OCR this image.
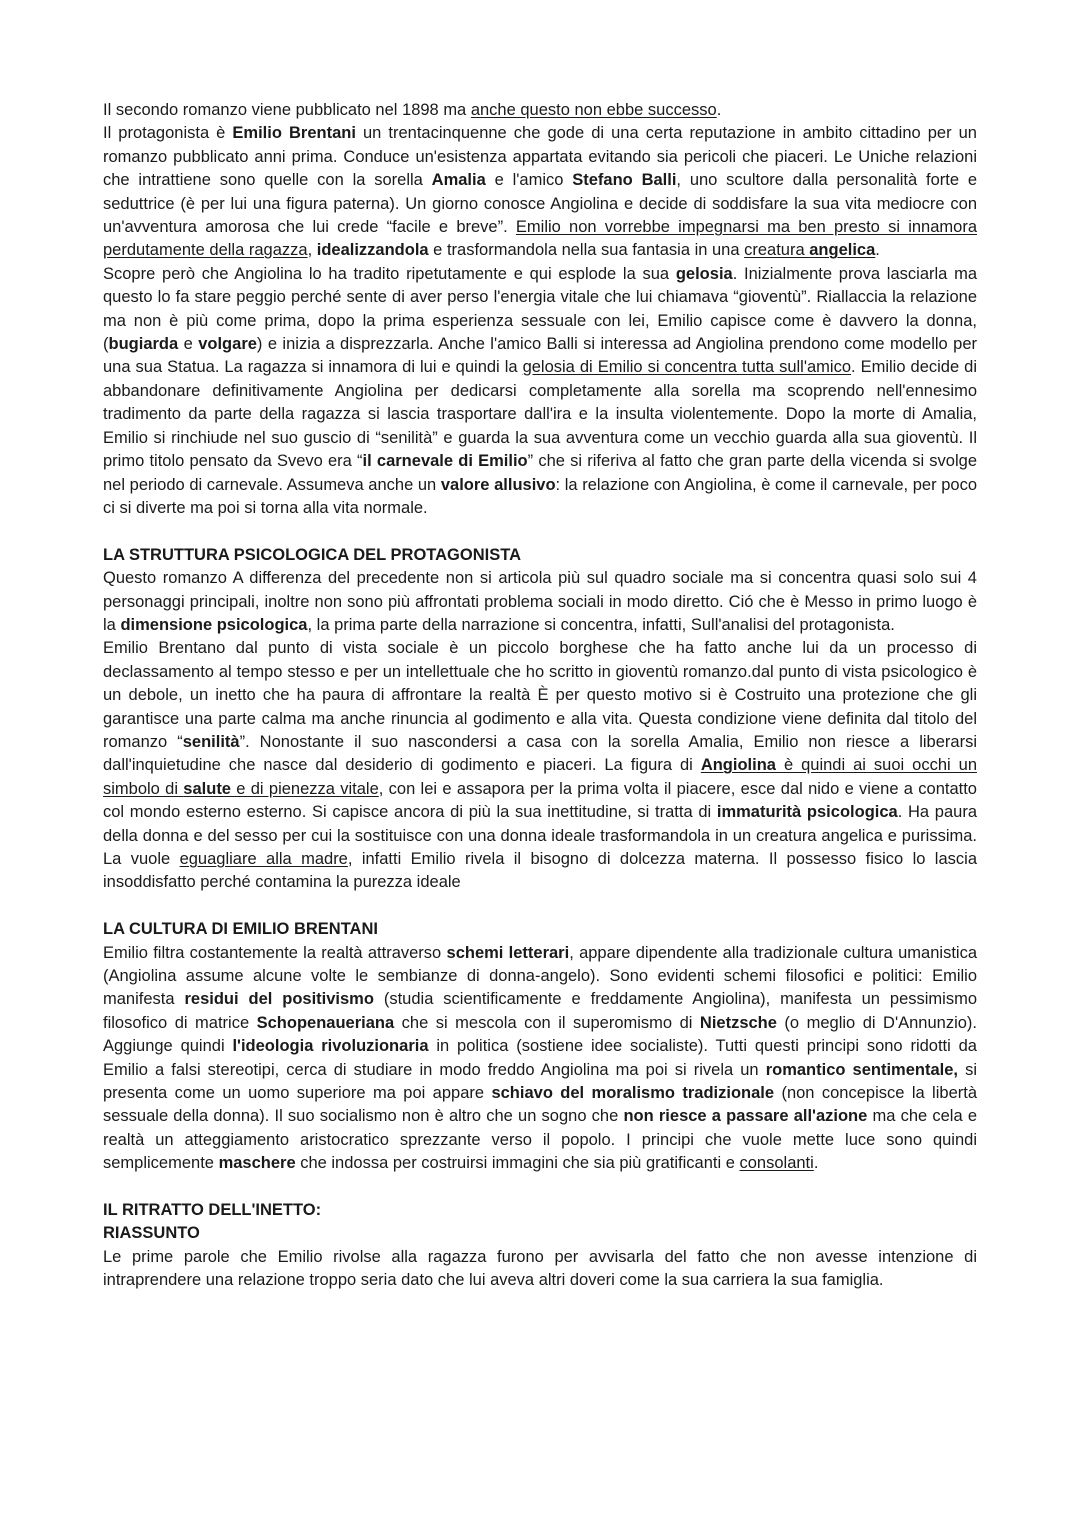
Il secondo romanzo viene pubblicato nel 1898 ma anche questo non ebbe successo.

Il protagonista è Emilio Brentani un trentacinquenne che gode di una certa reputazione in ambito cittadino per un romanzo pubblicato anni prima. Conduce un'esistenza appartata evitando sia pericoli che piaceri. Le Uniche relazioni che intrattiene sono quelle con la sorella Amalia e l'amico Stefano Balli, uno scultore dalla personalità forte e seduttrice (è per lui una figura paterna). Un giorno conosce Angiolina e decide di soddisfare la sua vita mediocre con un'avventura amorosa che lui crede “facile e breve”. Emilio non vorrebbe impegnarsi ma ben presto si innamora perdutamente della ragazza, idealizzandola e trasformandola nella sua fantasia in una creatura angelica.

Scopre però che Angiolina lo ha tradito ripetutamente e qui esplode la sua gelosia. Inizialmente prova lasciarla ma questo lo fa stare peggio perché sente di aver perso l'energia vitale che lui chiamava “gioventù”. Riallaccia la relazione ma non è più come prima, dopo la prima esperienza sessuale con lei, Emilio capisce come è davvero la donna, (bugiarda e volgare) e inizia a disprezzarla. Anche l'amico Balli si interessa ad Angiolina prendono come modello per una sua Statua. La ragazza si innamora di lui e quindi la gelosia di Emilio si concentra tutta sull'amico. Emilio decide di abbandonare definitivamente Angiolina per dedicarsi completamente alla sorella ma scoprendo nell'ennesimo tradimento da parte della ragazza si lascia trasportare dall'ira e la insulta violentemente. Dopo la morte di Amalia, Emilio si rinchiude nel suo guscio di “senilità” e guarda la sua avventura come un vecchio guarda alla sua gioventù. Il primo titolo pensato da Svevo era “il carnevale di Emilio” che si riferiva al fatto che gran parte della vicenda si svolge nel periodo di carnevale. Assumeva anche un valore allusivo: la relazione con Angiolina, è come il carnevale, per poco ci si diverte ma poi si torna alla vita normale.

LA STRUTTURA PSICOLOGICA DEL PROTAGONISTA

Questo romanzo A differenza del precedente non si articola più sul quadro sociale ma si concentra quasi solo sui 4 personaggi principali, inoltre non sono più affrontati problema sociali in modo diretto. Ció che è Messo in primo luogo è la dimensione psicologica, la prima parte della narrazione si concentra, infatti, Sull'analisi del protagonista.

Emilio Brentano dal punto di vista sociale è un piccolo borghese che ha fatto anche lui da un processo di declassamento al tempo stesso e per un intellettuale che ho scritto in gioventù romanzo.dal punto di vista psicologico è un debole, un inetto che ha paura di affrontare la realtà È per questo motivo si è Costruito una protezione che gli garantisce una parte calma ma anche rinuncia al godimento e alla vita. Questa condizione viene definita dal titolo del romanzo “senilità”. Nonostante il suo nascondersi a casa con la sorella Amalia, Emilio non riesce a liberarsi dall'inquietudine che nasce dal desiderio di godimento e piaceri. La figura di Angiolina è quindi ai suoi occhi un simbolo di salute e di pienezza vitale, con lei e assapora per la prima volta il piacere, esce dal nido e viene a contatto col mondo esterno esterno. Si capisce ancora di più la sua inettitudine, si tratta di immaturità psicologica. Ha paura della donna e del sesso per cui la sostituisce con una donna ideale trasformandola in un creatura angelica e purissima. La vuole eguagliare alla madre, infatti Emilio rivela il bisogno di dolcezza materna. Il possesso fisico lo lascia insoddisfatto perché contamina la purezza ideale

LA CULTURA DI EMILIO BRENTANI

Emilio filtra costantemente la realtà attraverso schemi letterari, appare dipendente alla tradizionale cultura umanistica (Angiolina assume alcune volte le sembianze di donna-angelo). Sono evidenti schemi filosofici e politici: Emilio manifesta residui del positivismo (studia scientificamente e freddamente Angiolina), manifesta un pessimismo filosofico di matrice Schopenaueriana che si mescola con il superomismo di Nietzsche (o meglio di D'Annunzio). Aggiunge quindi l'ideologia rivoluzionaria in politica (sostiene idee socialiste). Tutti questi principi sono ridotti da Emilio a falsi stereotipi, cerca di studiare in modo freddo Angiolina ma poi si rivela un romantico sentimentale, si presenta come un uomo superiore ma poi appare schiavo del moralismo tradizionale (non concepisce la libertà sessuale della donna). Il suo socialismo non è altro che un sogno che non riesce a passare all'azione ma che cela e realtà un atteggiamento aristocratico sprezzante verso il popolo. I principi che vuole mette luce sono quindi semplicemente maschere che indossa per costruirsi immagini che sia più gratificanti e consolanti.

IL RITRATTO DELL'INETTO:
RIASSUNTO

Le prime parole che Emilio rivolse alla ragazza furono per avvisarla del fatto che non avesse intenzione di intraprendere una relazione troppo seria dato che lui aveva altri doveri come la sua carriera la sua famiglia.
